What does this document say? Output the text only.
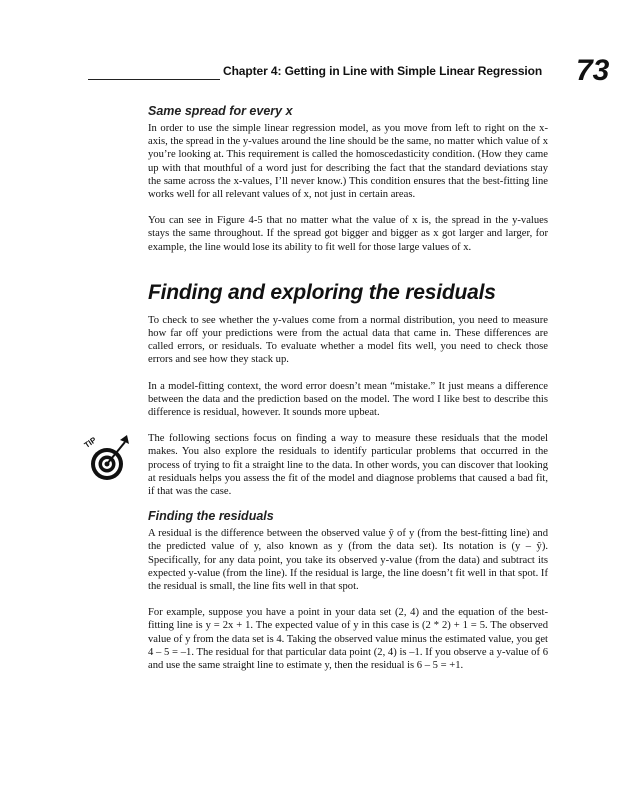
Chapter 4: Getting in Line with Simple Linear Regression 73
TIP
Same spread for every x

In order to use the simple linear regression model, as you move from left to right on the x-axis, the spread in the y-values around the line should be the same, no matter which value of x you’re looking at. This requirement is called the homoscedasticity condition. (How they came up with that mouthful of a word just for describing the fact that the standard deviations stay the same across the x-values, I’ll never know.) This condition ensures that the best-fitting line works well for all relevant values of x, not just in certain areas.

You can see in Figure 4-5 that no matter what the value of x is, the spread in the y-values stays the same throughout. If the spread got bigger and bigger as x got larger and larger, for example, the line would lose its ability to fit well for those large values of x.

Finding and exploring the residuals

To check to see whether the y-values come from a normal distribution, you need to measure how far off your predictions were from the actual data that came in. These differences are called errors, or residuals. To evaluate whether a model fits well, you need to check those errors and see how they stack up.

In a model-fitting context, the word error doesn’t mean “mistake.” It just means a difference between the data and the prediction based on the model. The word I like best to describe this difference is residual, however. It sounds more upbeat.

The following sections focus on finding a way to measure these residuals that the model makes. You also explore the residuals to identify particular problems that occurred in the process of trying to fit a straight line to the data. In other words, you can discover that looking at residuals helps you assess the fit of the model and diagnose problems that caused a bad fit, if that was the case.

Finding the residuals

A residual is the difference between the observed value ŷ of y (from the best-fitting line) and the predicted value of y, also known as y (from the data set). Its notation is (y – ŷ). Specifically, for any data point, you take its observed y-value (from the data) and subtract its expected y-value (from the line). If the residual is large, the line doesn’t fit well in that spot. If the residual is small, the line fits well in that spot.

For example, suppose you have a point in your data set (2, 4) and the equation of the best-fitting line is y = 2x + 1. The expected value of y in this case is (2 * 2) + 1 = 5. The observed value of y from the data set is 4. Taking the observed value minus the estimated value, you get 4 – 5 = –1. The residual for that particular data point (2, 4) is –1. If you observe a y-value of 6 and use the same straight line to estimate y, then the residual is 6 – 5 = +1.
